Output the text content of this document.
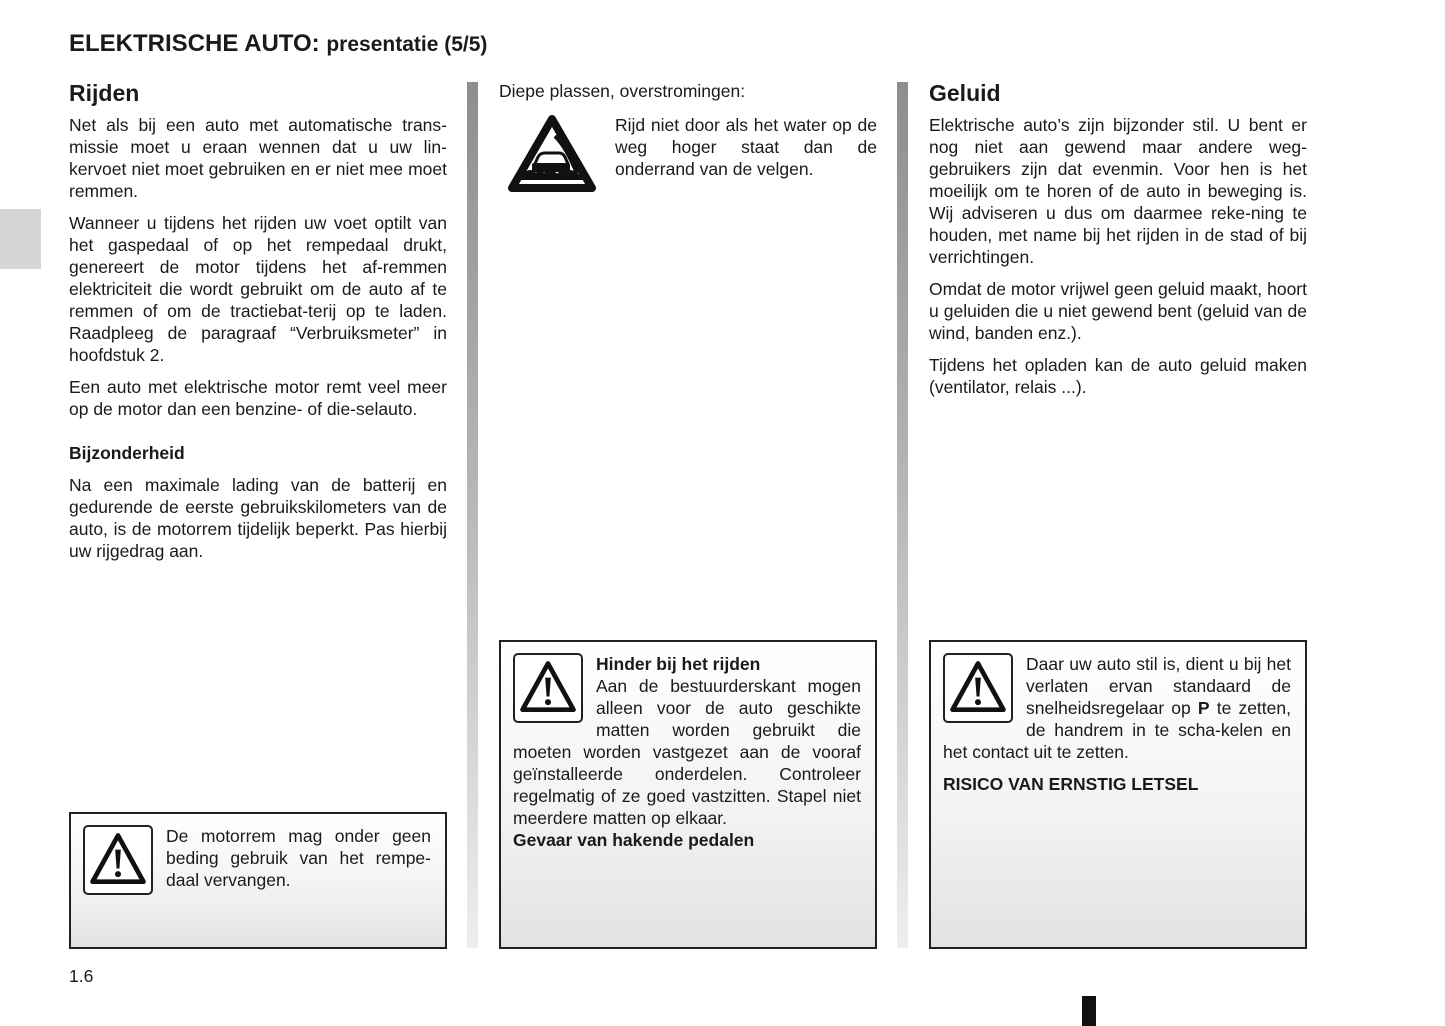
ELEKTRISCHE AUTO: presentatie (5/5)
Rijden

Net als bij een auto met automatische trans-missie moet u eraan wennen dat u uw lin-kervoet niet moet gebruiken en er niet mee moet remmen.

Wanneer u tijdens het rijden uw voet optilt van het gaspedaal of op het rempedaal drukt, genereert de motor tijdens het af-remmen elektriciteit die wordt gebruikt om de auto af te remmen of om de tractiebat-terij op te laden. Raadpleeg de paragraaf “Verbruiksmeter” in hoofdstuk 2.

Een auto met elektrische motor remt veel meer op de motor dan een benzine- of die-selauto.

Bijzonderheid

Na een maximale lading van de batterij en gedurende de eerste gebruikskilometers van de auto, is de motorrem tijdelijk beperkt. Pas hierbij uw rijgedrag aan.

Diepe plassen, overstromingen:

Rijd niet door als het water op de weg hoger staat dan de onderrand van de velgen.

Geluid

Elektrische auto’s zijn bijzonder stil. U bent er nog niet aan gewend maar andere weg-gebruikers zijn dat evenmin. Voor hen is het moeilijk om te horen of de auto in beweging is. Wij adviseren u dus om daarmee reke-ning te houden, met name bij het rijden in de stad of bij verrichtingen.

Omdat de motor vrijwel geen geluid maakt, hoort u geluiden die u niet gewend bent (geluid van de wind, banden enz.).

Tijdens het opladen kan de auto geluid maken (ventilator, relais ...).

De motorrem mag onder geen beding gebruik van het rempe-daal vervangen.

Hinder bij het rijden

Aan de bestuurderskant mogen alleen voor de auto geschikte matten worden gebruikt die moeten worden vastgezet aan de vooraf geïnstalleerde onderdelen. Controleer regelmatig of ze goed vastzitten. Stapel niet meerdere matten op elkaar.

Gevaar van hakende pedalen

Daar uw auto stil is, dient u bij het verlaten ervan standaard de snelheidsregelaar op P te zetten, de handrem in te scha-kelen en het contact uit te zetten.

RISICO VAN ERNSTIG LETSEL

1.6
